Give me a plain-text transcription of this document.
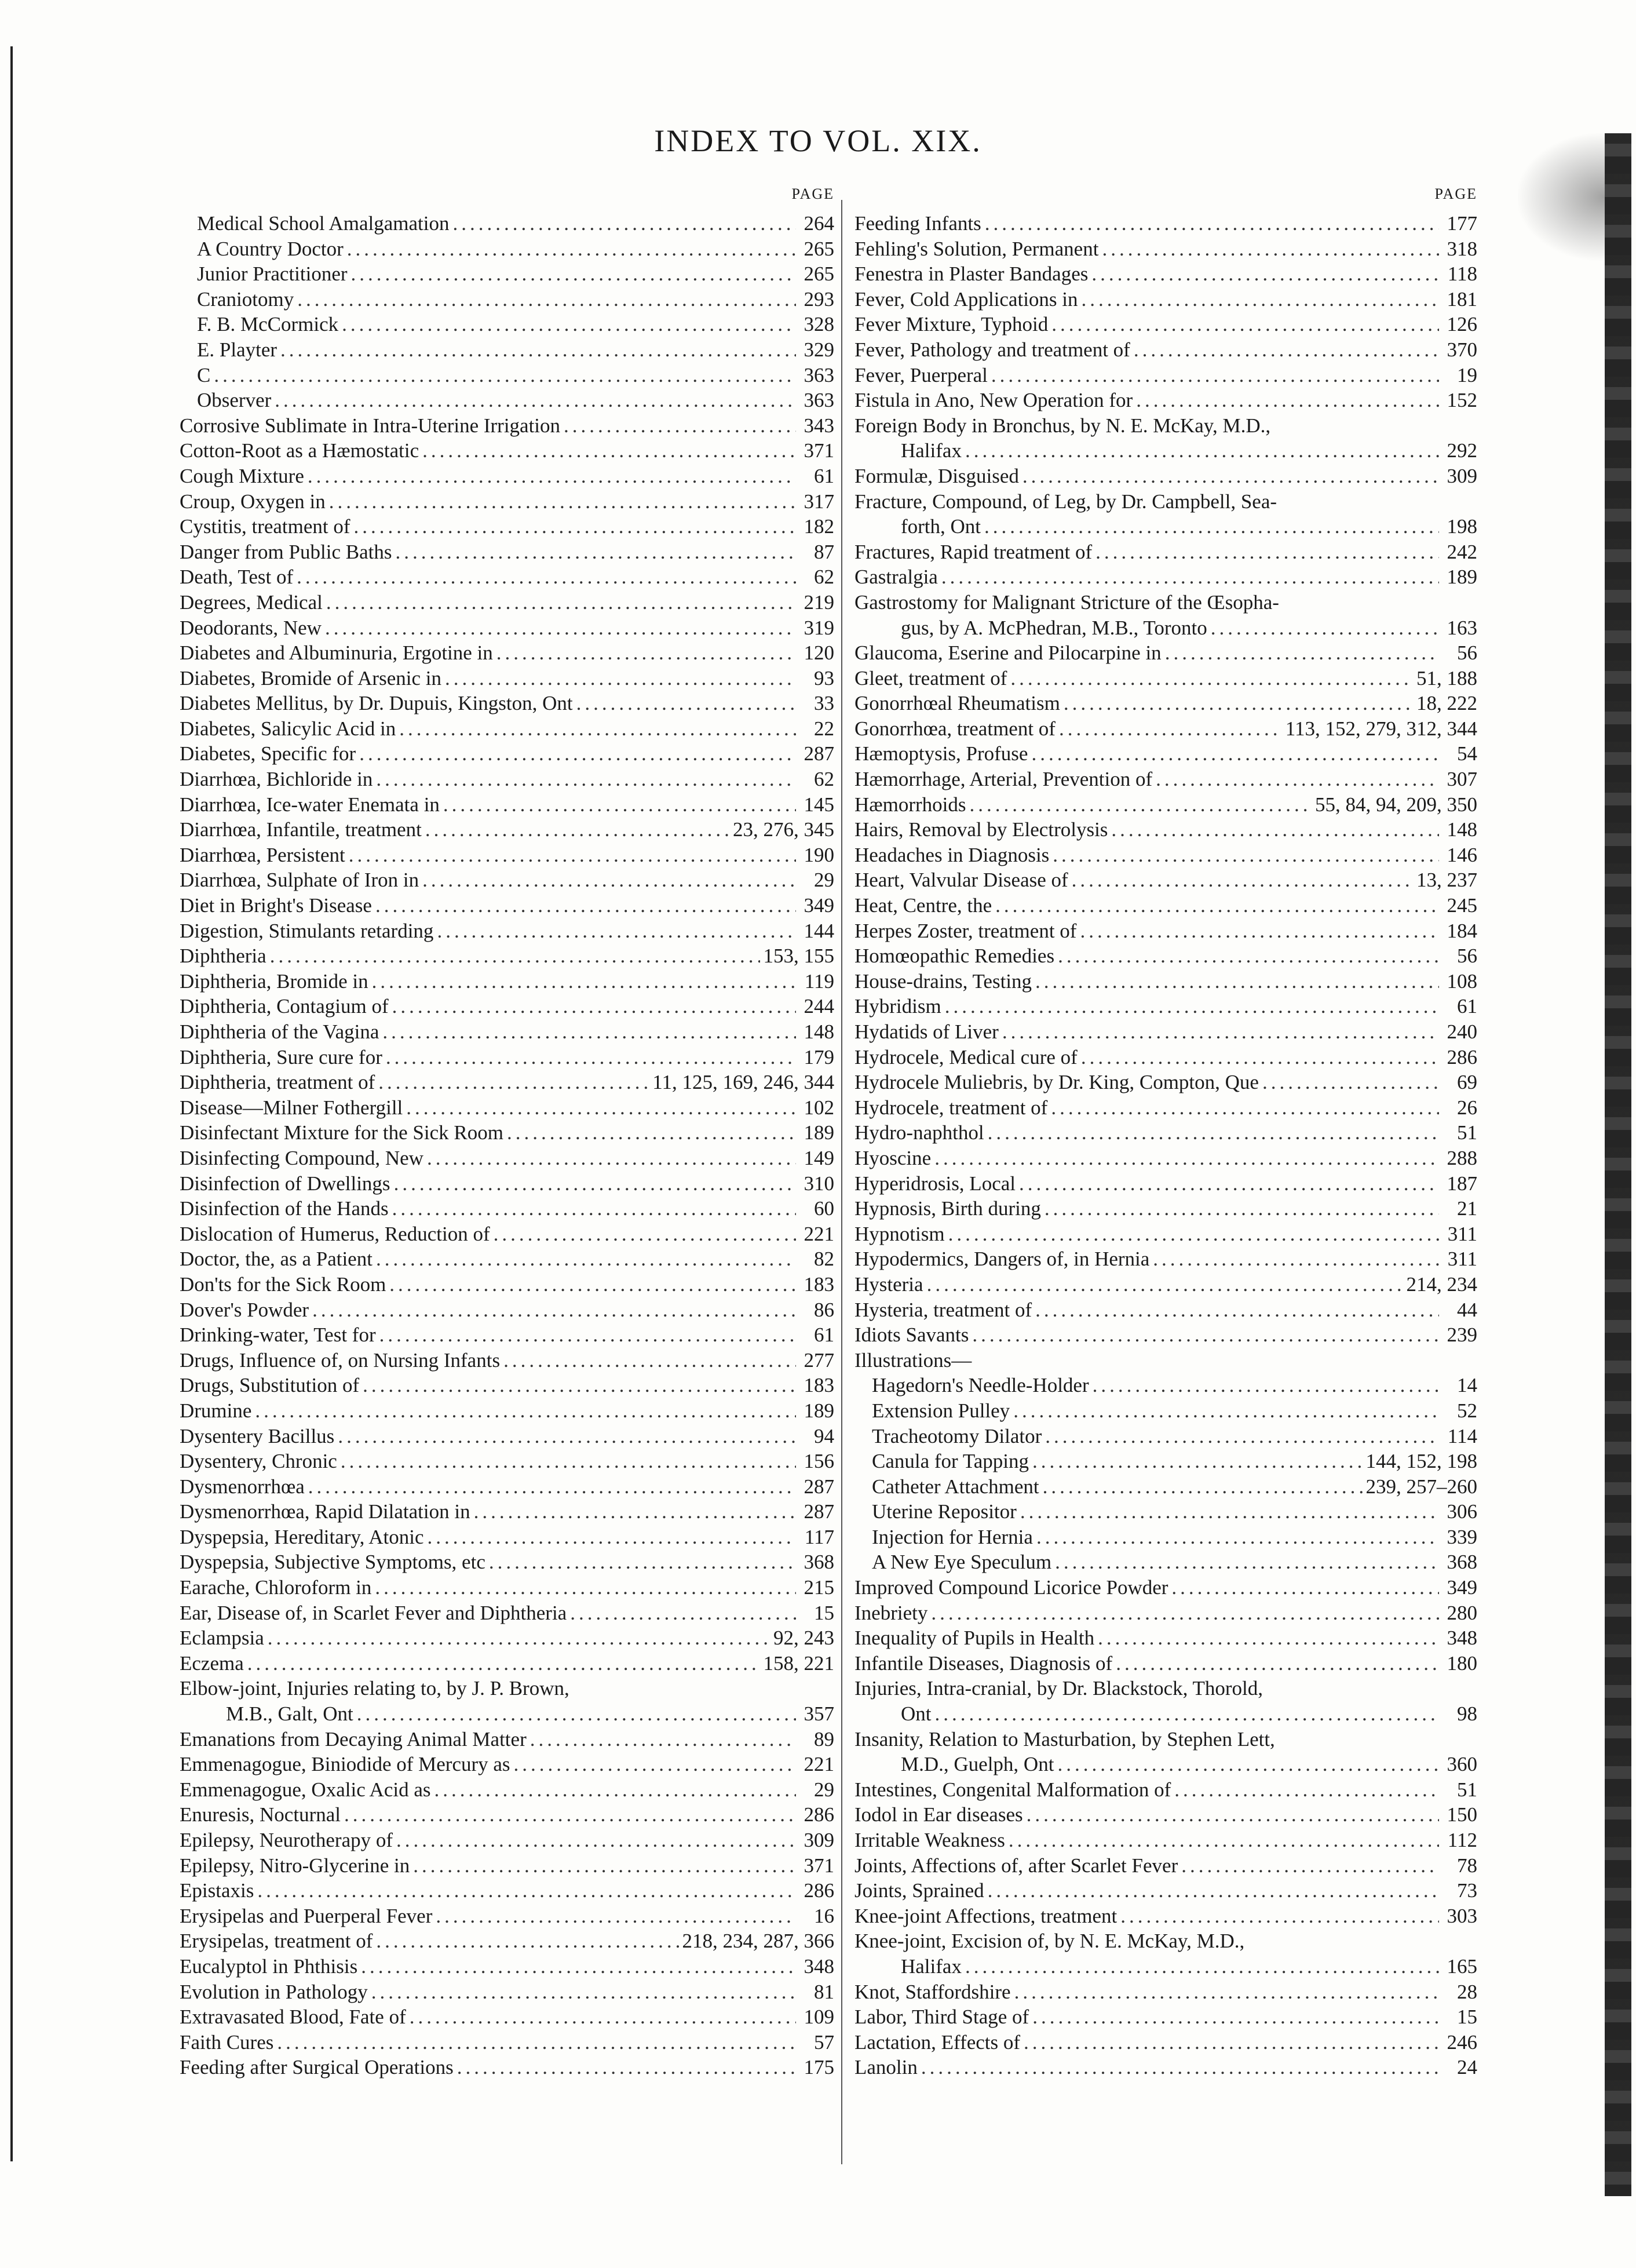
INDEX TO VOL. XIX.
PAGE
Medical School Amalgamation .....	264
A Country Doctor .....	265
Junior Practitioner .....	265
Craniotomy .....	293
F. B. McCormick .....	328
E. Playter .....	329
C .....	363
Observer .....	363
Corrosive Sublimate in Intra-Uterine Irrigation .....	343
Cotton-Root as a Hæmostatic .....	371
Cough Mixture .....	61
Croup, Oxygen in .....	317
Cystitis, treatment of .....	182
Danger from Public Baths .....	87
Death, Test of .....	62
Degrees, Medical .....	219
Deodorants, New .....	319
Diabetes and Albuminuria, Ergotine in .....	120
Diabetes, Bromide of Arsenic in .....	93
Diabetes Mellitus, by Dr. Dupuis, Kingston, Ont .....	33
Diabetes, Salicylic Acid in .....	22
Diabetes, Specific for .....	287
Diarrhœa, Bichloride in .....	62
Diarrhœa, Ice-water Enemata in .....	145
Diarrhœa, Infantile, treatment .....	23, 276, 345
Diarrhœa, Persistent .....	190
Diarrhœa, Sulphate of Iron in .....	29
Diet in Bright's Disease .....	349
Digestion, Stimulants retarding .....	144
Diphtheria .....	153, 155
Diphtheria, Bromide in .....	119
Diphtheria, Contagium of .....	244
Diphtheria of the Vagina .....	148
Diphtheria, Sure cure for .....	179
Diphtheria, treatment of .....	11, 125, 169, 246, 344
Disease—Milner Fothergill .....	102
Disinfectant Mixture for the Sick Room .....	189
Disinfecting Compound, New .....	149
Disinfection of Dwellings .....	310
Disinfection of the Hands .....	60
Dislocation of Humerus, Reduction of .....	221
Doctor, the, as a Patient .....	82
Don'ts for the Sick Room .....	183
Dover's Powder .....	86
Drinking-water, Test for .....	61
Drugs, Influence of, on Nursing Infants .....	277
Drugs, Substitution of .....	183
Drumine .....	189
Dysentery Bacillus .....	94
Dysentery, Chronic .....	156
Dysmenorrhœa .....	287
Dysmenorrhœa, Rapid Dilatation in .....	287
Dyspepsia, Hereditary, Atonic .....	117
Dyspepsia, Subjective Symptoms, etc .....	368
Earache, Chloroform in .....	215
Ear, Disease of, in Scarlet Fever and Diphtheria .....	15
Eclampsia .....	92, 243
Eczema .....	158, 221
Elbow-joint, Injuries relating to, by J. P. Brown,
M.B., Galt, Ont .....	357
Emanations from Decaying Animal Matter .....	89
Emmenagogue, Biniodide of Mercury as .....	221
Emmenagogue, Oxalic Acid as .....	29
Enuresis, Nocturnal .....	286
Epilepsy, Neurotherapy of .....	309
Epilepsy, Nitro-Glycerine in .....	371
Epistaxis .....	286
Erysipelas and Puerperal Fever .....	16
Erysipelas, treatment of .....	218, 234, 287, 366
Eucalyptol in Phthisis .....	348
Evolution in Pathology .....	81
Extravasated Blood, Fate of .....	109
Faith Cures .....	57
Feeding after Surgical Operations .....	175
PAGE
Feeding Infants .....	177
Fehling's Solution, Permanent .....	318
Fenestra in Plaster Bandages .....	118
Fever, Cold Applications in .....	181
Fever Mixture, Typhoid .....	126
Fever, Pathology and treatment of .....	370
Fever, Puerperal .....	19
Fistula in Ano, New Operation for .....	152
Foreign Body in Bronchus, by N. E. McKay, M.D.,
Halifax .....	292
Formulæ, Disguised .....	309
Fracture, Compound, of Leg, by Dr. Campbell, Sea-
forth, Ont .....	198
Fractures, Rapid treatment of .....	242
Gastralgia .....	189
Gastrostomy for Malignant Stricture of the Œsopha-
gus, by A. McPhedran, M.B., Toronto .....	163
Glaucoma, Eserine and Pilocarpine in .....	56
Gleet, treatment of .....	51, 188
Gonorrhœal Rheumatism .....	18, 222
Gonorrhœa, treatment of .....	113, 152, 279, 312, 344
Hæmoptysis, Profuse .....	54
Hæmorrhage, Arterial, Prevention of .....	307
Hæmorrhoids .....	55, 84, 94, 209, 350
Hairs, Removal by Electrolysis .....	148
Headaches in Diagnosis .....	146
Heart, Valvular Disease of .....	13, 237
Heat, Centre, the .....	245
Herpes Zoster, treatment of .....	184
Homœopathic Remedies .....	56
House-drains, Testing .....	108
Hybridism .....	61
Hydatids of Liver .....	240
Hydrocele, Medical cure of .....	286
Hydrocele Muliebris, by Dr. King, Compton, Que .....	69
Hydrocele, treatment of .....	26
Hydro-naphthol .....	51
Hyoscine .....	288
Hyperidrosis, Local .....	187
Hypnosis, Birth during .....	21
Hypnotism .....	311
Hypodermics, Dangers of, in Hernia .....	311
Hysteria .....	214, 234
Hysteria, treatment of .....	44
Idiots Savants .....	239
Illustrations—
Hagedorn's Needle-Holder .....	14
Extension Pulley .....	52
Tracheotomy Dilator .....	114
Canula for Tapping .....	144, 152, 198
Catheter Attachment .....	239, 257–260
Uterine Repositor .....	306
Injection for Hernia .....	339
A New Eye Speculum .....	368
Improved Compound Licorice Powder .....	349
Inebriety .....	280
Inequality of Pupils in Health .....	348
Infantile Diseases, Diagnosis of .....	180
Injuries, Intra-cranial, by Dr. Blackstock, Thorold,
Ont .....	98
Insanity, Relation to Masturbation, by Stephen Lett,
M.D., Guelph, Ont .....	360
Intestines, Congenital Malformation of .....	51
Iodol in Ear diseases .....	150
Irritable Weakness .....	112
Joints, Affections of, after Scarlet Fever .....	78
Joints, Sprained .....	73
Knee-joint Affections, treatment .....	303
Knee-joint, Excision of, by N. E. McKay, M.D.,
Halifax .....	165
Knot, Staffordshire .....	28
Labor, Third Stage of .....	15
Lactation, Effects of .....	246
Lanolin .....	24
